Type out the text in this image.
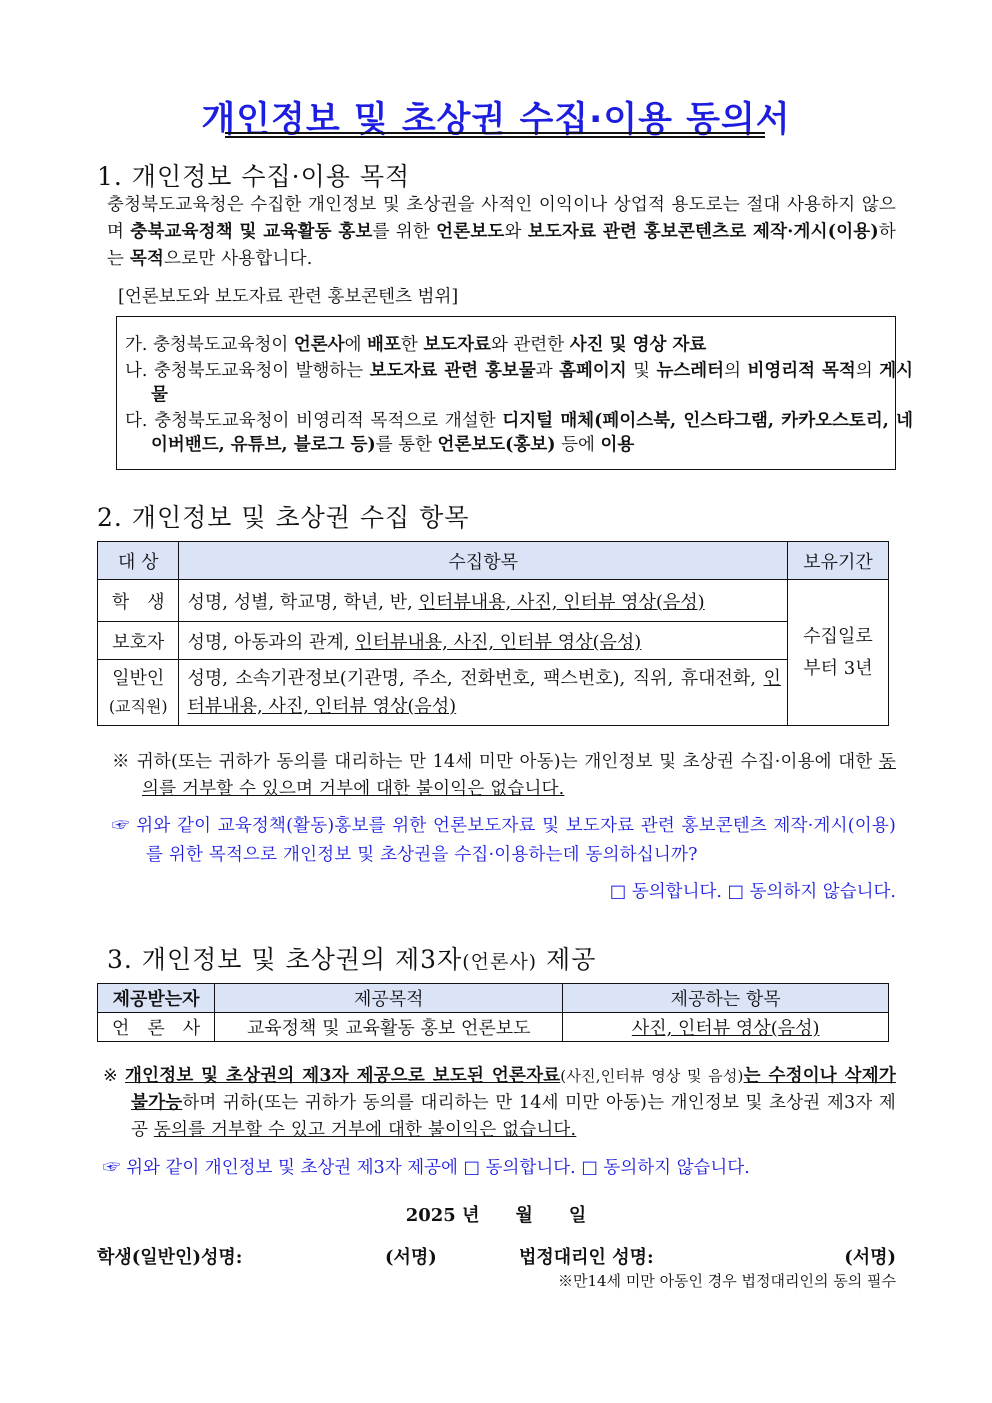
개인정보 및 초상권 수집·이용 동의서
1. 개인정보 수집·이용 목적
충청북도교육청은 수집한 개인정보 및 초상권을 사적인 이익이나 상업적 용도로는 절대 사용하지 않으며 충북교육정책 및 교육활동 홍보를 위한 언론보도와 보도자료 관련 홍보콘텐츠로 제작·게시(이용)하는 목적으로만 사용합니다.
[언론보도와 보도자료 관련 홍보콘텐츠 범위]
가. 충청북도교육청이 언론사에 배포한 보도자료와 관련한 사진 및 영상 자료
나. 충청북도교육청이 발행하는 보도자료 관련 홍보물과 홈페이지 및 뉴스레터의 비영리적 목적의 게시물
다. 충청북도교육청이 비영리적 목적으로 개설한 디지털 매체(페이스북, 인스타그램, 카카오스토리, 네이버밴드, 유튜브, 블로그 등)를 통한 언론보도(홍보) 등에 이용
2. 개인정보 및 초상권 수집 항목
대 상	수집항목	보유기간
학　생	성명, 성별, 학교명, 학년, 반, 인터뷰내용, 사진, 인터뷰 영상(음성)	수집일로
부터 3년
보호자	성명, 아동과의 관계, 인터뷰내용, 사진, 인터뷰 영상(음성)	
일반인
(교직원)	성명, 소속기관정보(기관명, 주소, 전화번호, 팩스번호), 직위, 휴대전화, 인터뷰내용, 사진, 인터뷰 영상(음성)	
※ 귀하(또는 귀하가 동의를 대리하는 만 14세 미만 아동)는 개인정보 및 초상권 수집·이용에 대한 동의를 거부할 수 있으며 거부에 대한 불이익은 없습니다.
☞ 위와 같이 교육정책(활동)홍보를 위한 언론보도자료 및 보도자료 관련 홍보콘텐츠 제작·게시(이용)를 위한 목적으로 개인정보 및 초상권을 수집·이용하는데 동의하십니까?
□ 동의합니다. □ 동의하지 않습니다.
3. 개인정보 및 초상권의 제3자(언론사) 제공
제공받는자	제공목적	제공하는 항목
언　론　사	교육정책 및 교육활동 홍보 언론보도	사진, 인터뷰 영상(음성)
※ 개인정보 및 초상권의 제3자 제공으로 보도된 언론자료(사진,인터뷰 영상 및 음성)는 수정이나 삭제가 불가능하며 귀하(또는 귀하가 동의를 대리하는 만 14세 미만 아동)는 개인정보 및 초상권 제3자 제공 동의를 거부할 수 있고 거부에 대한 불이익은 없습니다.
☞ 위와 같이 개인정보 및 초상권 제3자 제공에 □ 동의합니다. □ 동의하지 않습니다.
2025 년　　월　　일
학생(일반인)성명:	(서명)	법정대리인 성명:	(서명)
※만14세 미만 아동인 경우 법정대리인의 동의 필수
